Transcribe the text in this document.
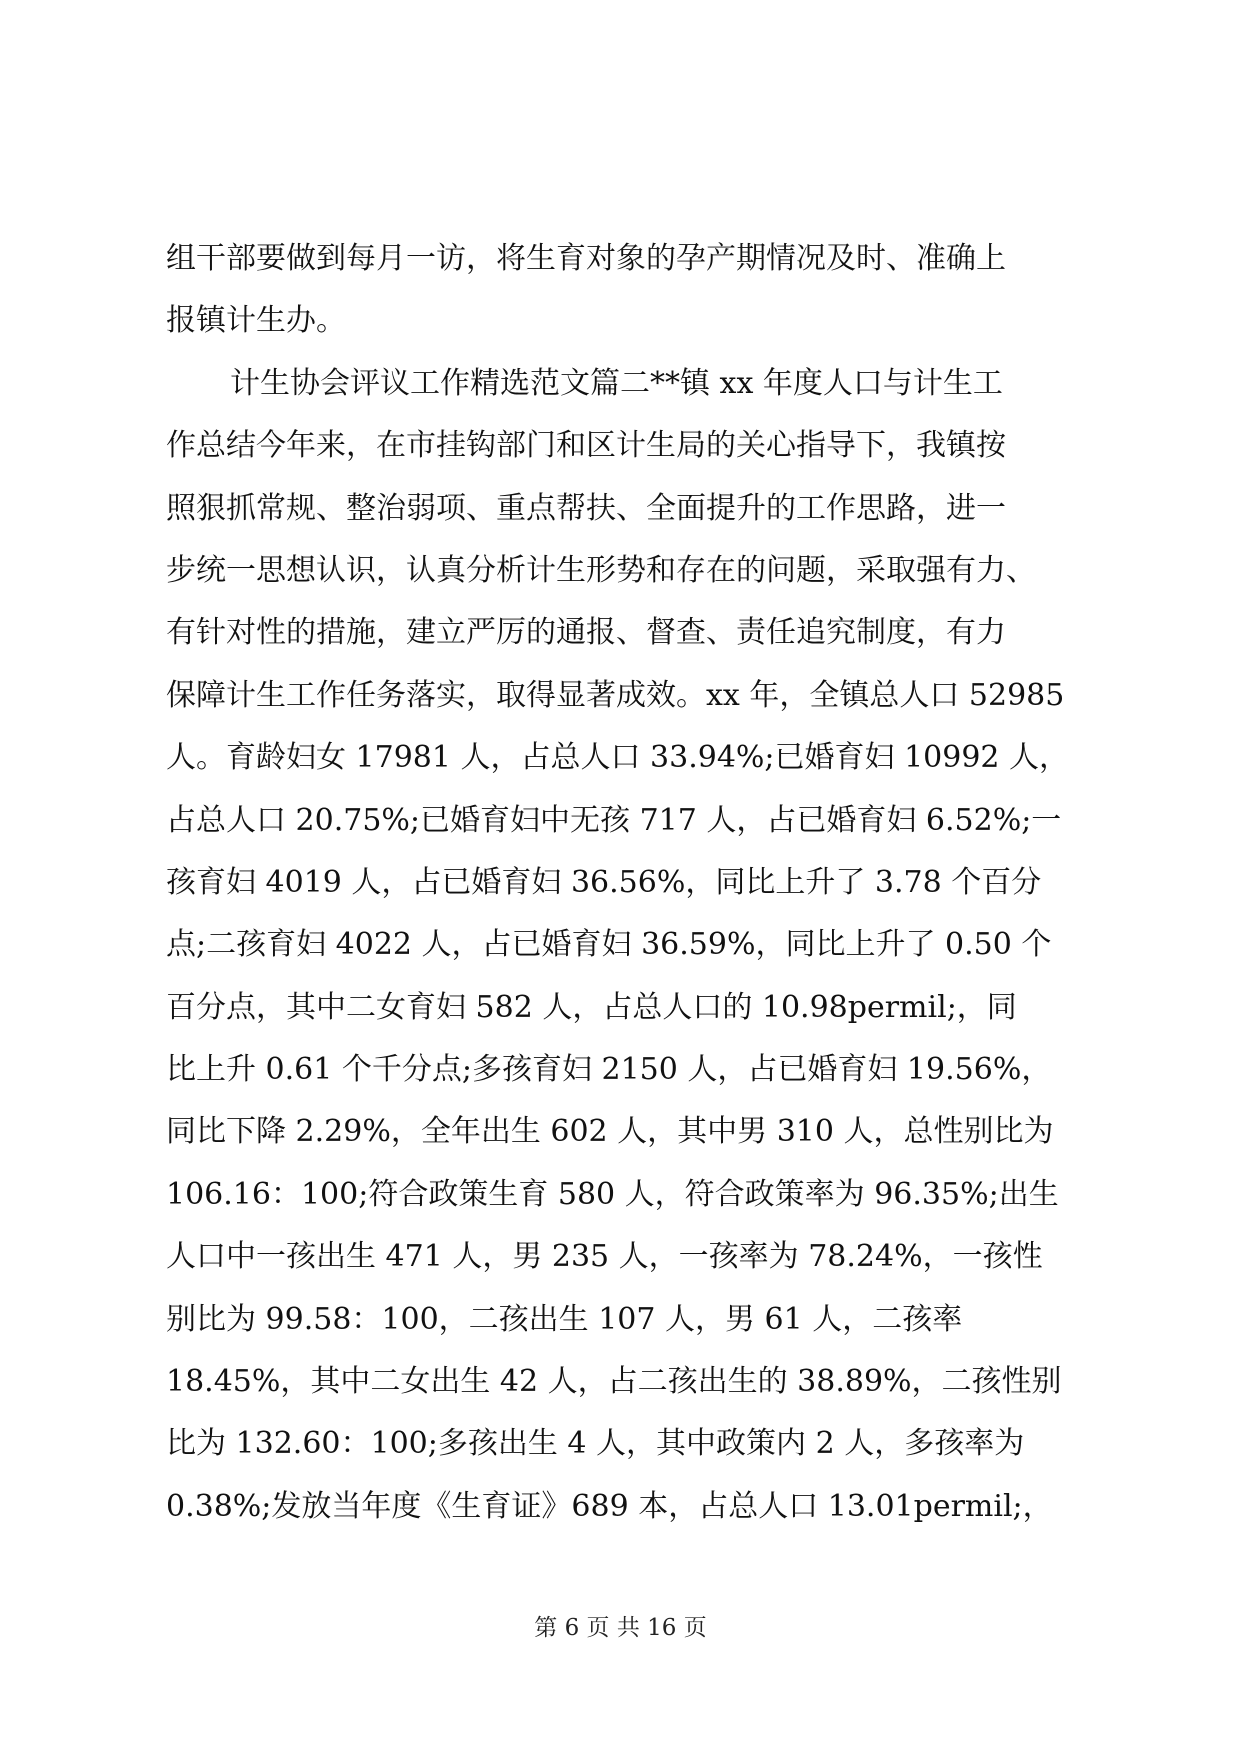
组干部要做到每月一访，将生育对象的孕产期情况及时、准确上
报镇计生办。
计生协会评议工作精选范文篇二**镇 xx 年度人口与计生工
作总结今年来，在市挂钩部门和区计生局的关心指导下，我镇按
照狠抓常规、整治弱项、重点帮扶、全面提升的工作思路，进一
步统一思想认识，认真分析计生形势和存在的问题，采取强有力、
有针对性的措施，建立严厉的通报、督查、责任追究制度，有力
保障计生工作任务落实，取得显著成效。xx 年，全镇总人口 52985
人。育龄妇女 17981 人，占总人口 33.94%;已婚育妇 10992 人，
占总人口 20.75%;已婚育妇中无孩 717 人，占已婚育妇 6.52%;一
孩育妇 4019 人，占已婚育妇 36.56%，同比上升了 3.78 个百分
点;二孩育妇 4022 人，占已婚育妇 36.59%，同比上升了 0.50 个
百分点，其中二女育妇 582 人，占总人口的 10.98permil;，同
比上升 0.61 个千分点;多孩育妇 2150 人，占已婚育妇 19.56%，
同比下降 2.29%，全年出生 602 人，其中男 310 人，总性别比为
106.16：100;符合政策生育 580 人，符合政策率为 96.35%;出生
人口中一孩出生 471 人，男 235 人，一孩率为 78.24%，一孩性
别比为 99.58：100，二孩出生 107 人，男 61 人，二孩率
18.45%，其中二女出生 42 人，占二孩出生的 38.89%，二孩性别
比为 132.60：100;多孩出生 4 人，其中政策内 2 人，多孩率为
0.38%;发放当年度《生育证》689 本，占总人口 13.01permil;，
第 6 页 共 16 页
